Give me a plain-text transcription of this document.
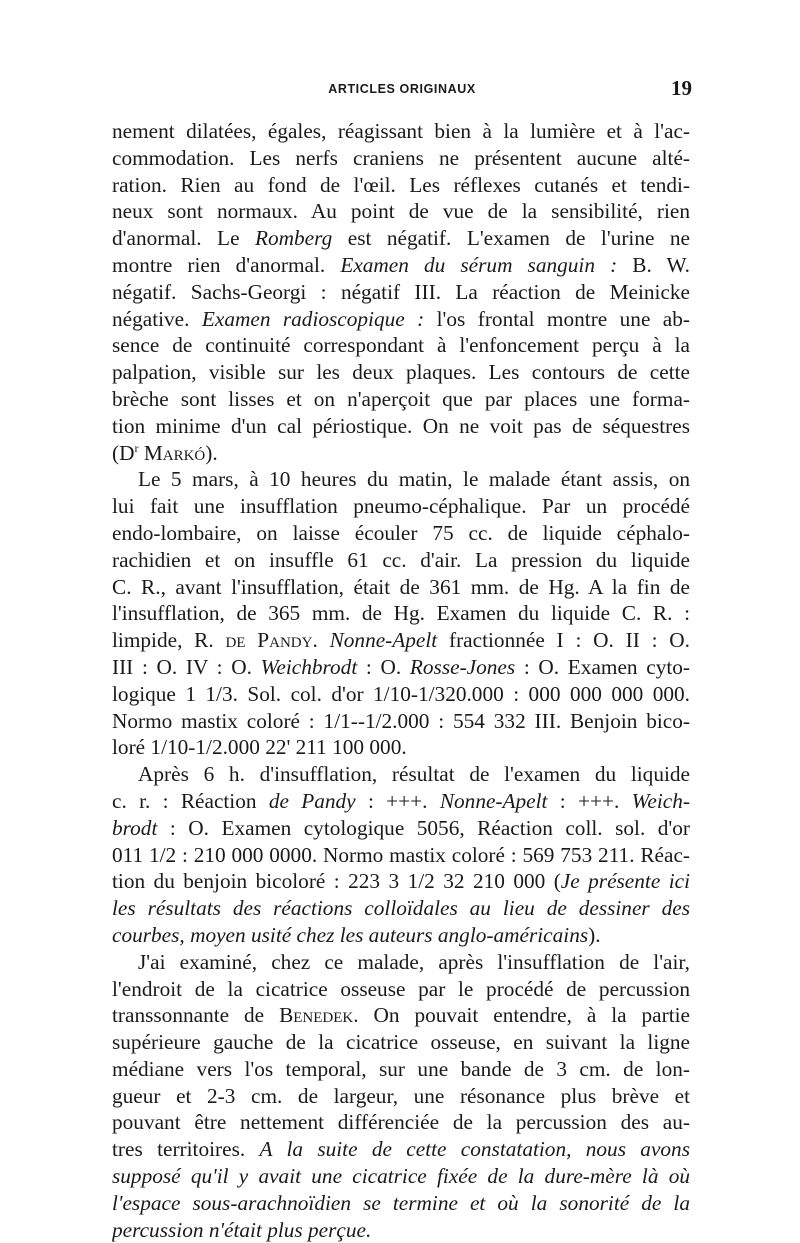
ARTICLES ORIGINAUX	19
nement dilatées, égales, réagissant bien à la lumière et à l'ac-
commodation. Les nerfs craniens ne présentent aucune alté-
ration. Rien au fond de l'œil. Les réflexes cutanés et tendi-
neux sont normaux. Au point de vue de la sensibilité, rien
d'anormal. Le Romberg est négatif. L'examen de l'urine ne
montre rien d'anormal. Examen du sérum sanguin : B. W.
négatif. Sachs-Georgi : négatif III. La réaction de Meinicke
négative. Examen radioscopique : l'os frontal montre une ab-
sence de continuité correspondant à l'enfoncement perçu à la
palpation, visible sur les deux plaques. Les contours de cette
brèche sont lisses et on n'aperçoit que par places une forma-
tion minime d'un cal périostique. On ne voit pas de séquestres
($D^r$ Markó).
Le 5 mars, à 10 heures du matin, le malade étant assis, on
lui fait une insufflation pneumo-céphalique. Par un procédé
endo-lombaire, on laisse écouler 75 cc. de liquide céphalo-
rachidien et on insuffle 61 cc. d'air. La pression du liquide
C. R., avant l'insufflation, était de 361 mm. de Hg. A la fin de
l'insufflation, de 365 mm. de Hg. Examen du liquide C. R. :
limpide, R. de Pandy. Nonne-Apelt fractionnée I : O. II : O.
III : O. IV : O. Weichbrodt : O. Rosse-Jones : O. Examen cyto-
logique 1 1/3. Sol. col. d'or 1/10-1/320.000 : 000 000 000 000.
Normo mastix coloré : 1/1--1/2.000 : 554 332 III. Benjoin bico-
loré 1/10-1/2.000 22' 211 100 000.
Après 6 h. d'insufflation, résultat de l'examen du liquide
c. r. : Réaction de Pandy : +++. Nonne-Apelt : +++. Weich-
brodt : O. Examen cytologique 5056, Réaction coll. sol. d'or
011 1/2 : 210 000 0000. Normo mastix coloré : 569 753 211. Réac-
tion du benjoin bicoloré : 223 3 1/2 32 210 000 (Je présente ici
les résultats des réactions colloïdales au lieu de dessiner des
courbes, moyen usité chez les auteurs anglo-américains).
J'ai examiné, chez ce malade, après l'insufflation de l'air,
l'endroit de la cicatrice osseuse par le procédé de percussion
transsonnante de Benedek. On pouvait entendre, à la partie
supérieure gauche de la cicatrice osseuse, en suivant la ligne
médiane vers l'os temporal, sur une bande de 3 cm. de lon-
gueur et 2-3 cm. de largeur, une résonance plus brève et
pouvant être nettement différenciée de la percussion des au-
tres territoires. A la suite de cette constatation, nous avons
supposé qu'il y avait une cicatrice fixée de la dure-mère là où
l'espace sous-arachnoïdien se termine et où la sonorité de la
percussion n'était plus perçue.
